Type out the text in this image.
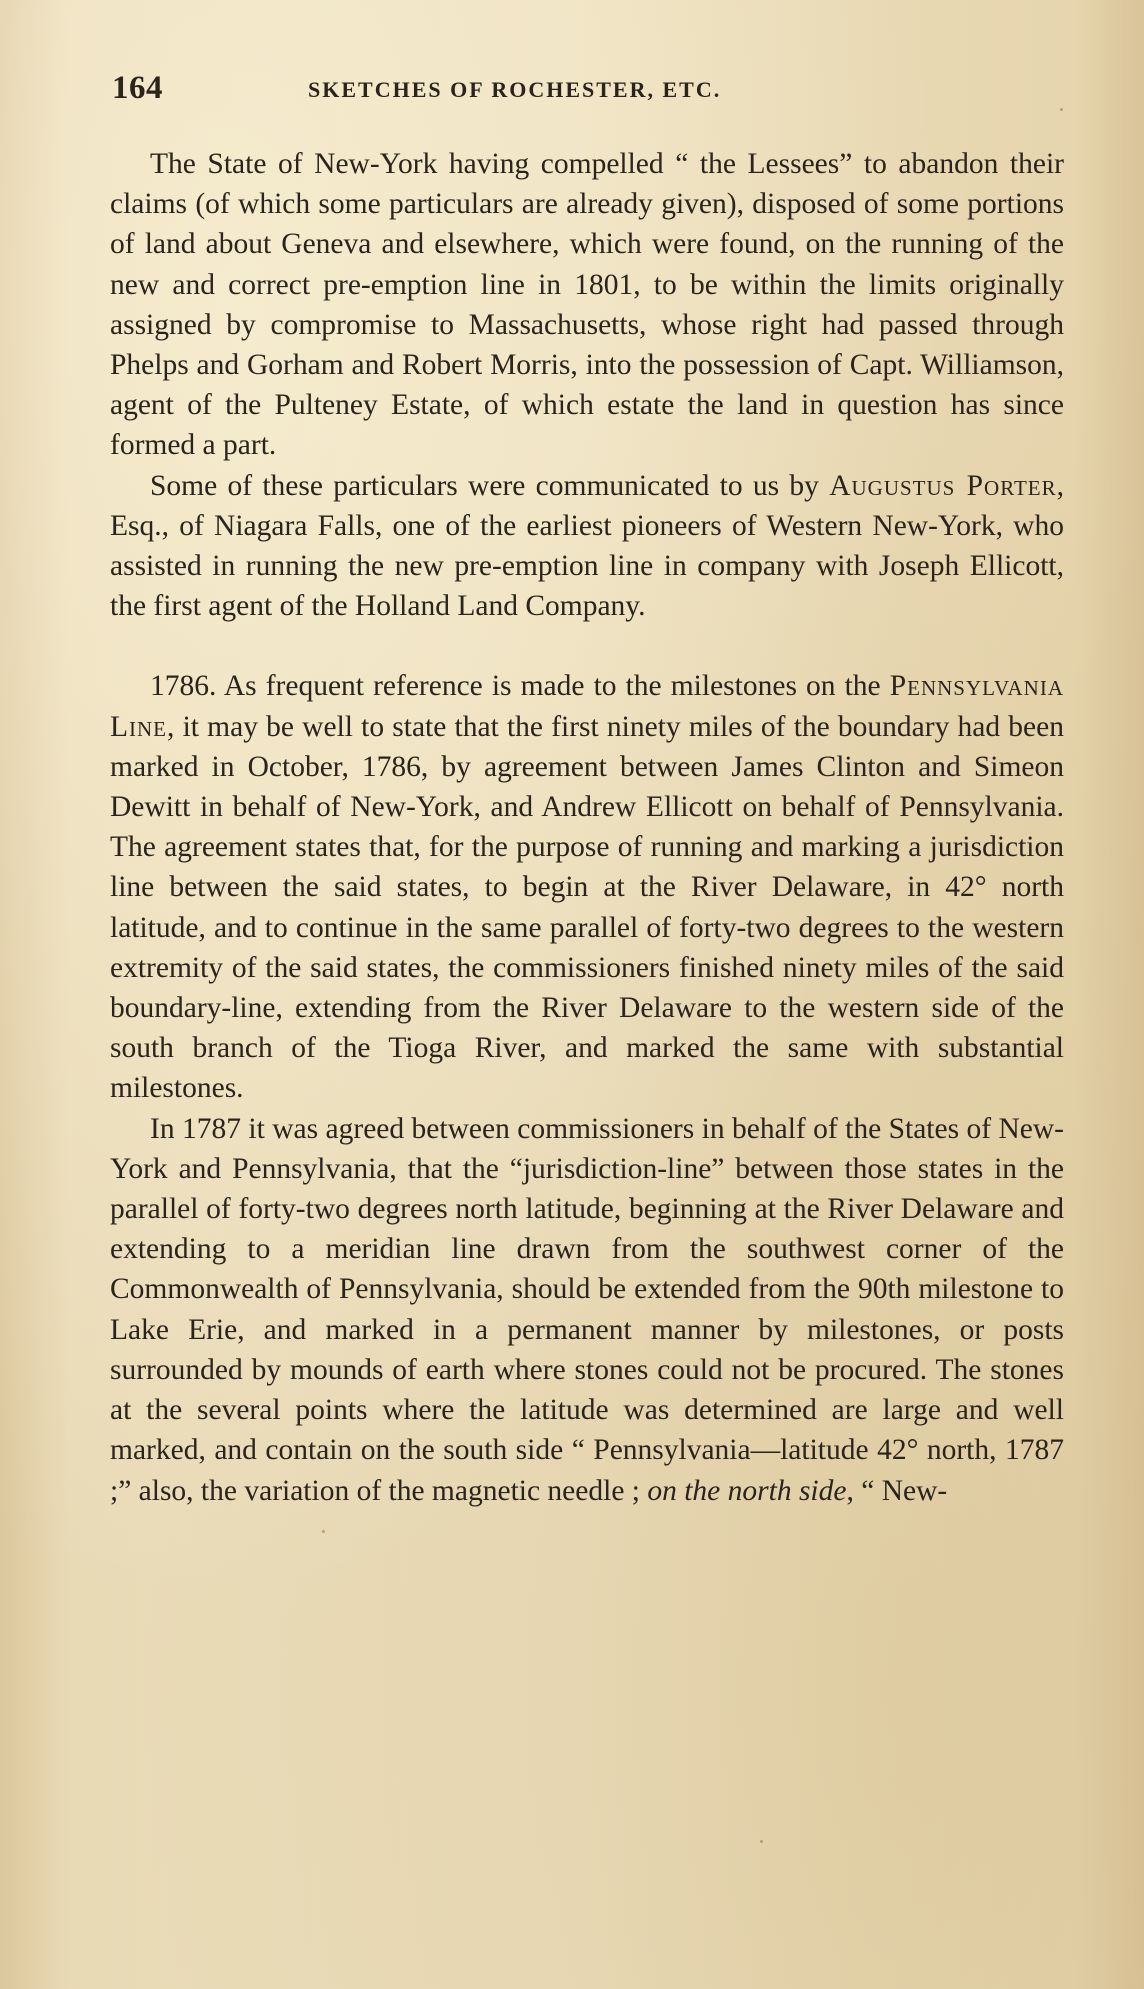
164	SKETCHES OF ROCHESTER, ETC.

The State of New-York having compelled “ the Lessees” to abandon their claims (of which some particulars are already given), disposed of some portions of land about Geneva and elsewhere, which were found, on the running of the new and correct pre-emption line in 1801, to be within the limits originally assigned by compromise to Massachusetts, whose right had passed through Phelps and Gorham and Robert Morris, into the possession of Capt. Williamson, agent of the Pulteney Estate, of which estate the land in question has since formed a part.

Some of these particulars were communicated to us by Augustus Porter, Esq., of Niagara Falls, one of the earliest pioneers of Western New-York, who assisted in running the new pre-emption line in company with Joseph Ellicott, the first agent of the Holland Land Company.

1786. As frequent reference is made to the milestones on the Pennsylvania Line, it may be well to state that the first ninety miles of the boundary had been marked in October, 1786, by agreement between James Clinton and Simeon Dewitt in behalf of New-York, and Andrew Ellicott on behalf of Pennsylvania. The agreement states that, for the purpose of running and marking a jurisdiction line between the said states, to begin at the River Delaware, in 42° north latitude, and to continue in the same parallel of forty-two degrees to the western extremity of the said states, the commissioners finished ninety miles of the said boundary-line, extending from the River Delaware to the western side of the south branch of the Tioga River, and marked the same with substantial milestones.

In 1787 it was agreed between commissioners in behalf of the States of New-York and Pennsylvania, that the “jurisdiction-line” between those states in the parallel of forty-two degrees north latitude, beginning at the River Delaware and extending to a meridian line drawn from the southwest corner of the Commonwealth of Pennsylvania, should be extended from the 90th milestone to Lake Erie, and marked in a permanent manner by milestones, or posts surrounded by mounds of earth where stones could not be procured. The stones at the several points where the latitude was determined are large and well marked, and contain on the south side “ Pennsylvania—latitude 42° north, 1787 ;” also, the variation of the magnetic needle ; on the north side, “ New-
